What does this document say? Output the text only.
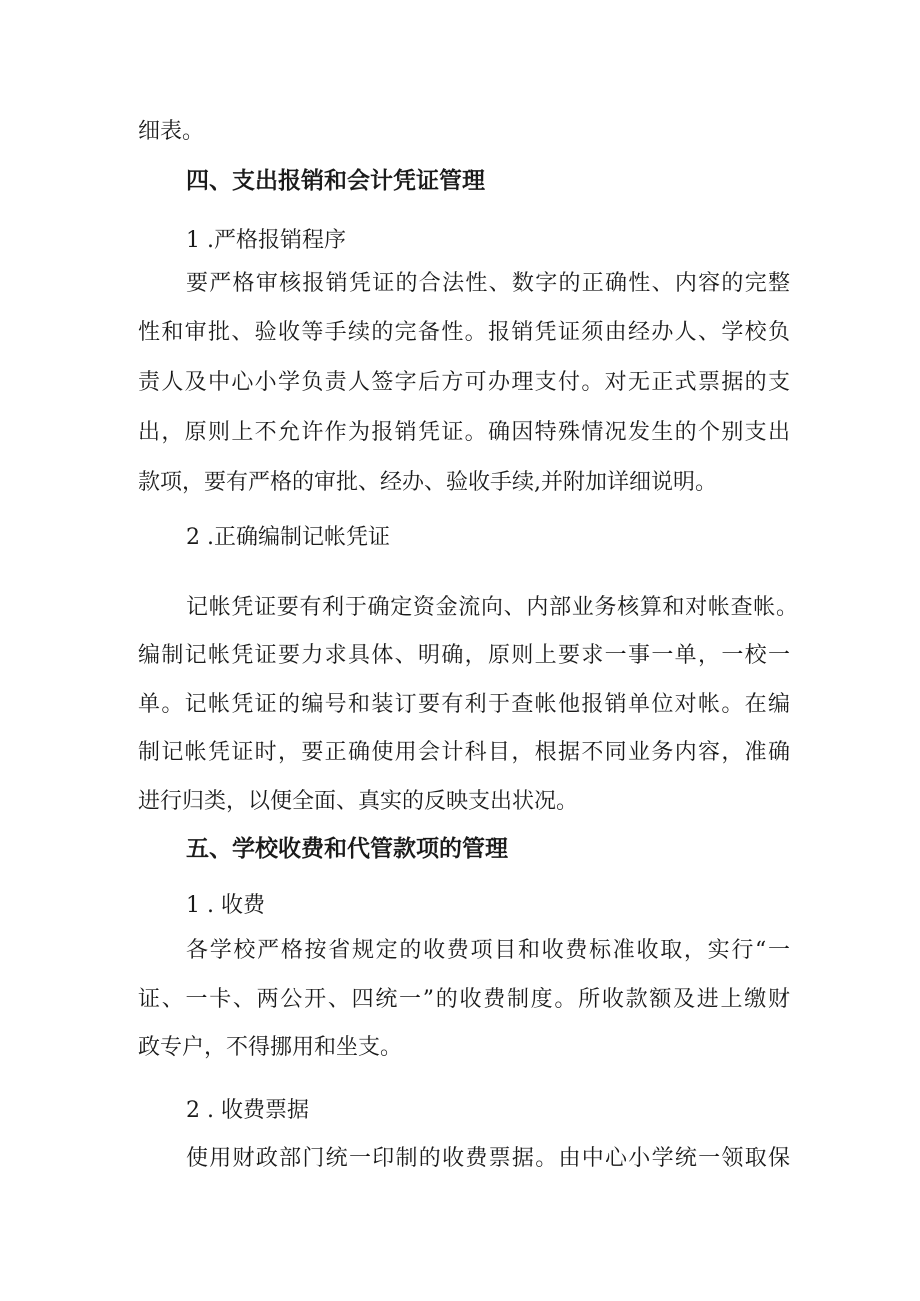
细表。

四、支出报销和会计凭证管理

1 .严格报销程序

要严格审核报销凭证的合法性、数字的正确性、内容的完整

性和审批、验收等手续的完备性。报销凭证须由经办人、学校负

责人及中心小学负责人签字后方可办理支付。对无正式票据的支

出，原则上不允许作为报销凭证。确因特殊情况发生的个别支出

款项，要有严格的审批、经办、验收手续,并附加详细说明。

2 .正确编制记帐凭证

记帐凭证要有利于确定资金流向、内部业务核算和对帐查帐。

编制记帐凭证要力求具体、明确，原则上要求一事一单，一校一

单。记帐凭证的编号和装订要有利于查帐他报销单位对帐。在编

制记帐凭证时，要正确使用会计科目，根据不同业务内容，准确

进行归类，以便全面、真实的反映支出状况。

五、学校收费和代管款项的管理

1 . 收费

各学校严格按省规定的收费项目和收费标准收取，实行“一

证、一卡、两公开、四统一”的收费制度。所收款额及进上缴财

政专户，不得挪用和坐支。

2 . 收费票据

使用财政部门统一印制的收费票据。由中心小学统一领取保
